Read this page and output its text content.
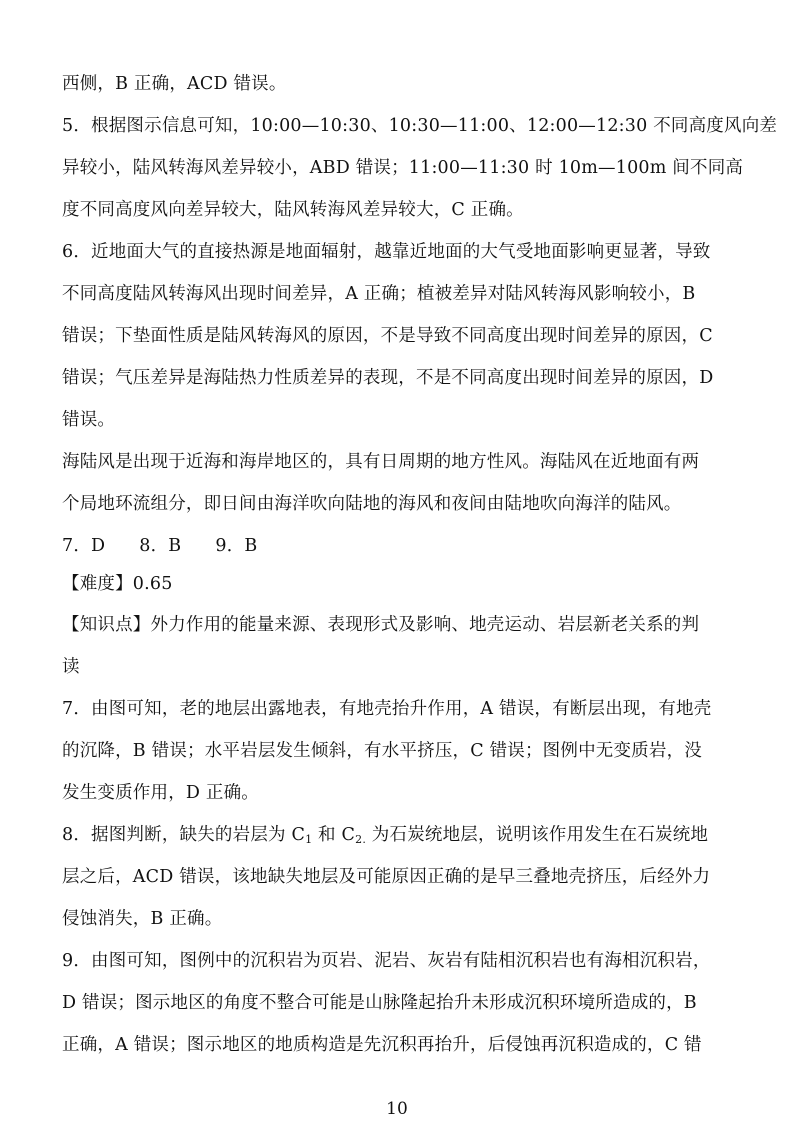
西侧，B 正确，ACD 错误。
5．根据图示信息可知，10:00—10:30、10:30—11:00、12:00—12:30 不同高度风向差
异较小，陆风转海风差异较小，ABD 错误；11:00—11:30 时 10m—100m 间不同高
度不同高度风向差异较大，陆风转海风差异较大，C 正确。
6．近地面大气的直接热源是地面辐射，越靠近地面的大气受地面影响更显著，导致
不同高度陆风转海风出现时间差异，A 正确；植被差异对陆风转海风影响较小，B
错误；下垫面性质是陆风转海风的原因，不是导致不同高度出现时间差异的原因，C
错误；气压差异是海陆热力性质差异的表现，不是不同高度出现时间差异的原因，D
错误。
海陆风是出现于近海和海岸地区的，具有日周期的地方性风。海陆风在近地面有两
个局地环流组分，即日间由海洋吹向陆地的海风和夜间由陆地吹向海洋的陆风。
7．D 8．B 9．B
【难度】0.65
【知识点】外力作用的能量来源、表现形式及影响、地壳运动、岩层新老关系的判
读
7．由图可知，老的地层出露地表，有地壳抬升作用，A 错误，有断层出现，有地壳
的沉降，B 错误；水平岩层发生倾斜，有水平挤压，C 错误；图例中无变质岩，没
发生变质作用，D 正确。
8．据图判断，缺失的岩层为 $C_1$ 和 $C_{2.}$ 为石炭统地层，说明该作用发生在石炭统地
层之后，ACD 错误，该地缺失地层及可能原因正确的是早三叠地壳挤压，后经外力
侵蚀消失，B 正确。
9．由图可知，图例中的沉积岩为页岩、泥岩、灰岩有陆相沉积岩也有海相沉积岩，
D 错误；图示地区的角度不整合可能是山脉隆起抬升未形成沉积环境所造成的，B
正确，A 错误；图示地区的地质构造是先沉积再抬升，后侵蚀再沉积造成的，C 错
10
